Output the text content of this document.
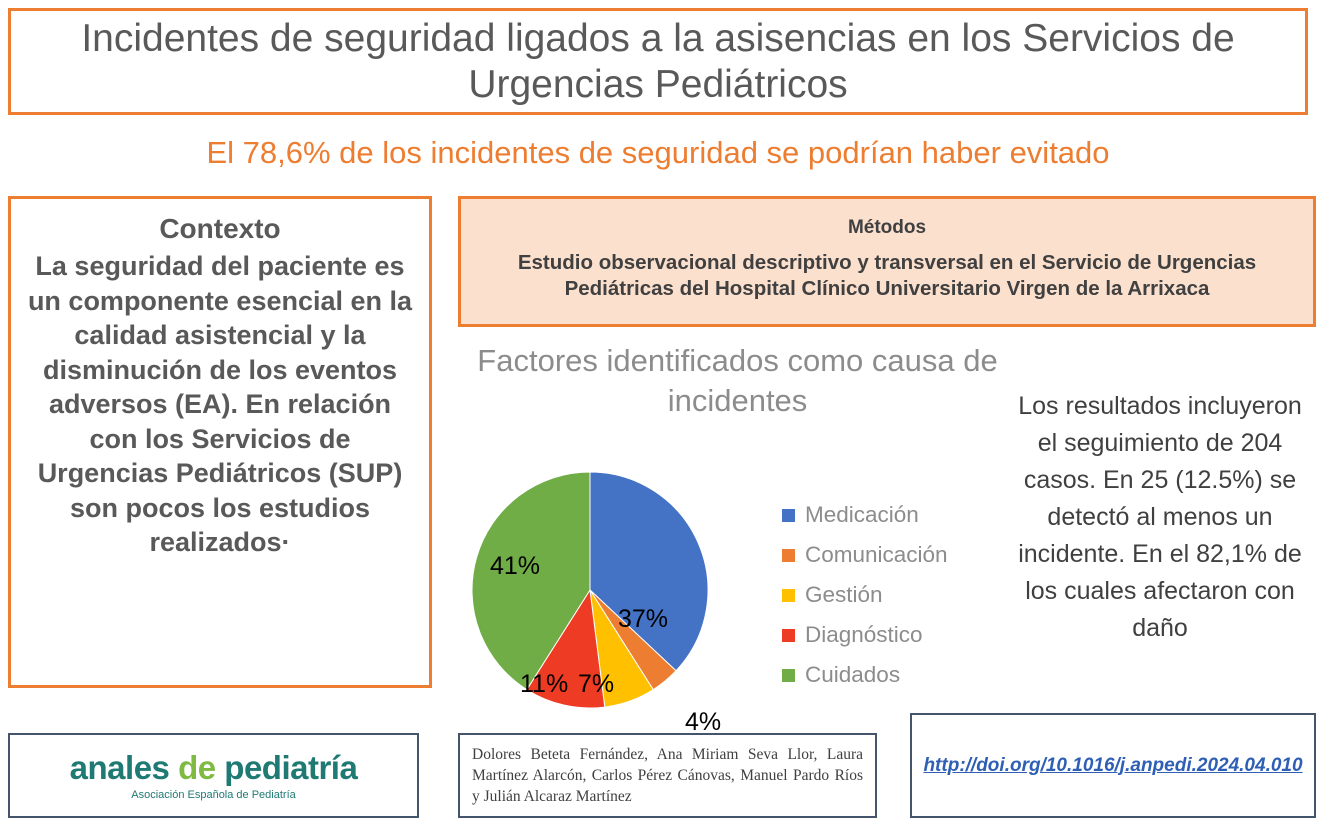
Incidentes de seguridad ligados a la asisencias en los Servicios de Urgencias Pediátricos
El 78,6% de los incidentes de seguridad se podrían haber evitado
Contexto
La seguridad del paciente es un componente esencial en la calidad asistencial y la disminución de los eventos adversos (EA). En relación con los Servicios de Urgencias Pediátricos (SUP) son pocos los estudios realizados·
Métodos
Estudio observacional descriptivo y transversal en el Servicio de Urgencias Pediátricas del Hospital Clínico Universitario Virgen de la Arrixaca
Factores identificados como causa de incidentes
37%
4%
7%
11%
41%
Medicación
Comunicación
Gestión
Diagnóstico
Cuidados
Los resultados incluyeron el seguimiento de 204 casos. En 25 (12.5%) se detectó al menos un incidente. En el 82,1% de los cuales afectaron con daño
anales de pediatría
Asociación Española de Pediatría
Dolores Beteta Fernández, Ana Miriam Seva Llor, Laura Martínez Alarcón, Carlos Pérez Cánovas, Manuel Pardo Ríos y Julián Alcaraz Martínez
http://doi.org/10.1016/j.anpedi.2024.04.010
